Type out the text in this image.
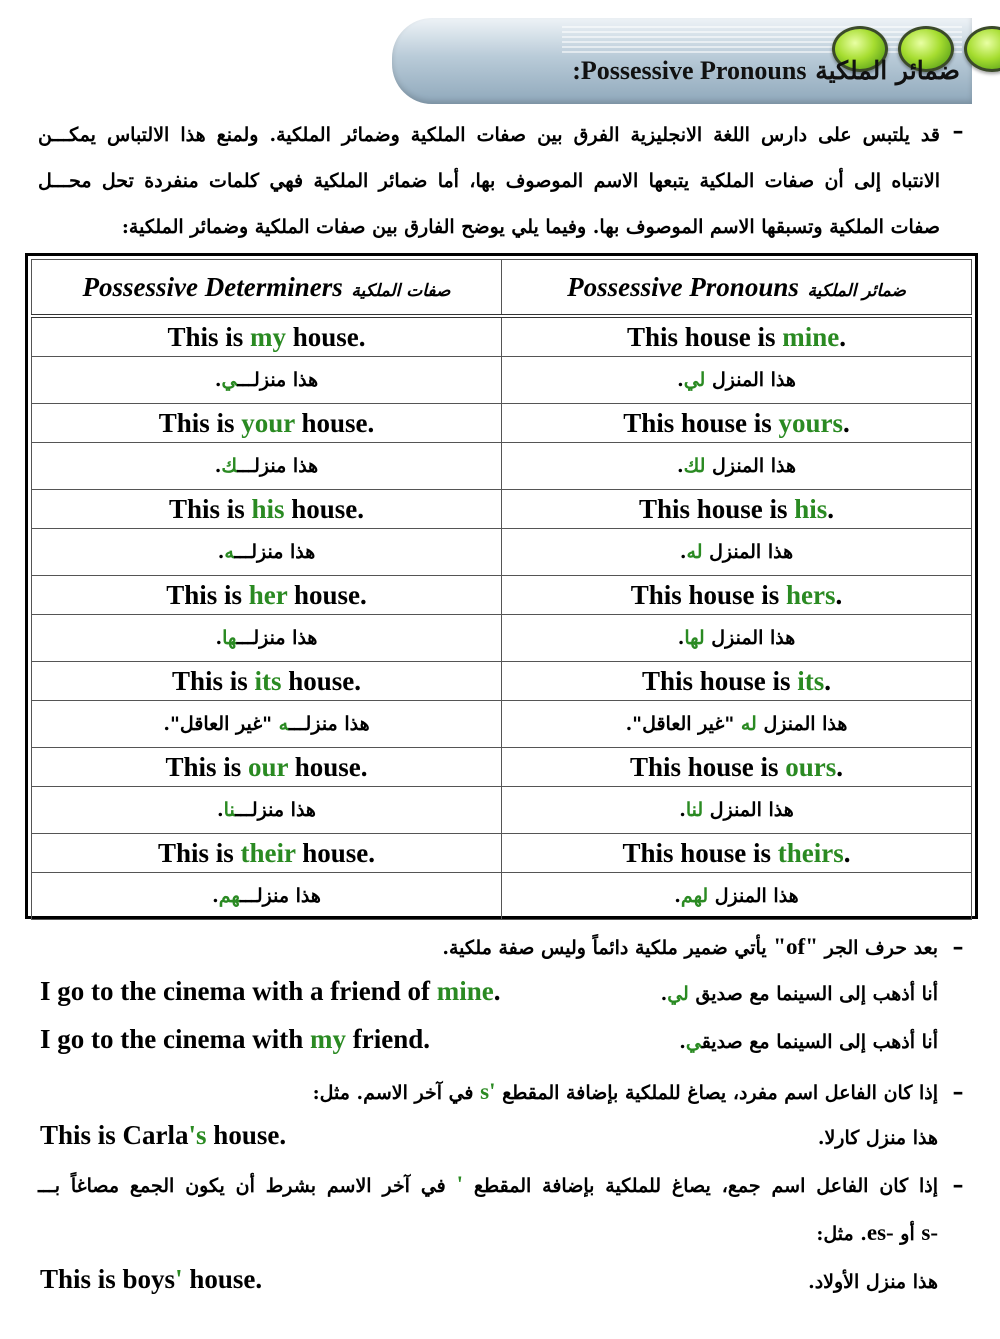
ضمائر الملكية Possessive Pronouns:
–
قد يلتبس على دارس اللغة الانجليزية الفرق بين صفات الملكية وضمائر الملكية. ولمنع هذا الالتباس يمكـــن
الانتباه إلى أن صفات الملكية يتبعها الاسم الموصوف بها، أما ضمائر الملكية فهي كلمات منفردة تحل محـــل
صفات الملكية وتسبقها الاسم الموصوف بها. وفيما يلي يوضح الفارق بين صفات الملكية وضمائر الملكية:
Possessive Determiners صفات الملكية	Possessive Pronouns ضمائر الملكية
This is my house.	This house is mine.
هذا منزلـــي.	هذا المنزل لي.
This is your house.	This house is yours.
هذا منزلـــك.	هذا المنزل لك.
This is his house.	This house is his.
هذا منزلـــه.	هذا المنزل له.
This is her house.	This house is hers.
هذا منزلـــها.	هذا المنزل لها.
This is its house.	This house is its.
هذا منزلـــه "غير العاقل".	هذا المنزل له "غير العاقل".
This is our house.	This house is ours.
هذا منزلـــنا.	هذا المنزل لنا.
This is their house.	This house is theirs.
هذا منزلـــهم.	هذا المنزل لهم.
–
بعد حرف الجر "of" يأتي ضمير ملكية دائماً وليس صفة ملكية.
I go to the cinema with a friend of mine.	أنا أذهب إلى السينما مع صديق لي.
I go to the cinema with my friend.	أنا أذهب إلى السينما مع صديقي.
–
إذا كان الفاعل اسم مفرد، يصاغ للملكية بإضافة المقطع 's في آخر الاسم. مثل:
This is Carla's house.	هذا منزل كارلا.
–
إذا كان الفاعل اسم جمع، يصاغ للملكية بإضافة المقطع ' في آخر الاسم بشرط أن يكون الجمع مصاغاً بـــ
s- أو es-. مثل:
This is boys' house.	هذا منزل الأولاد.
